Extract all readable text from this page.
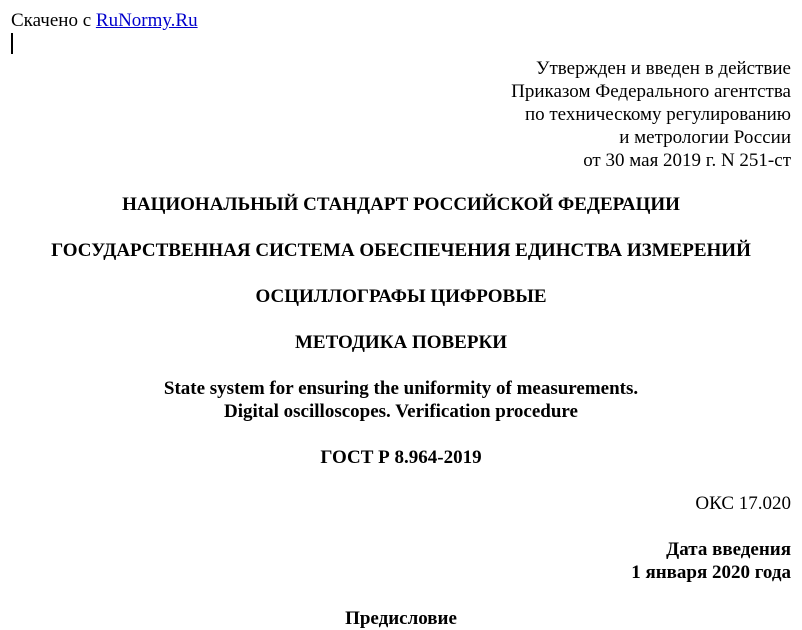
Скачено с RuNormy.Ru
Утвержден и введен в действие
Приказом Федерального агентства
по техническому регулированию
и метрологии России
от 30 мая 2019 г. N 251-ст
НАЦИОНАЛЬНЫЙ СТАНДАРТ РОССИЙСКОЙ ФЕДЕРАЦИИ
ГОСУДАРСТВЕННАЯ СИСТЕМА ОБЕСПЕЧЕНИЯ ЕДИНСТВА ИЗМЕРЕНИЙ
ОСЦИЛЛОГРАФЫ ЦИФРОВЫЕ
МЕТОДИКА ПОВЕРКИ
State system for ensuring the uniformity of measurements.
Digital oscilloscopes. Verification procedure
ГОСТ Р 8.964-2019
ОКС 17.020
Дата введения
1 января 2020 года
Предисловие
